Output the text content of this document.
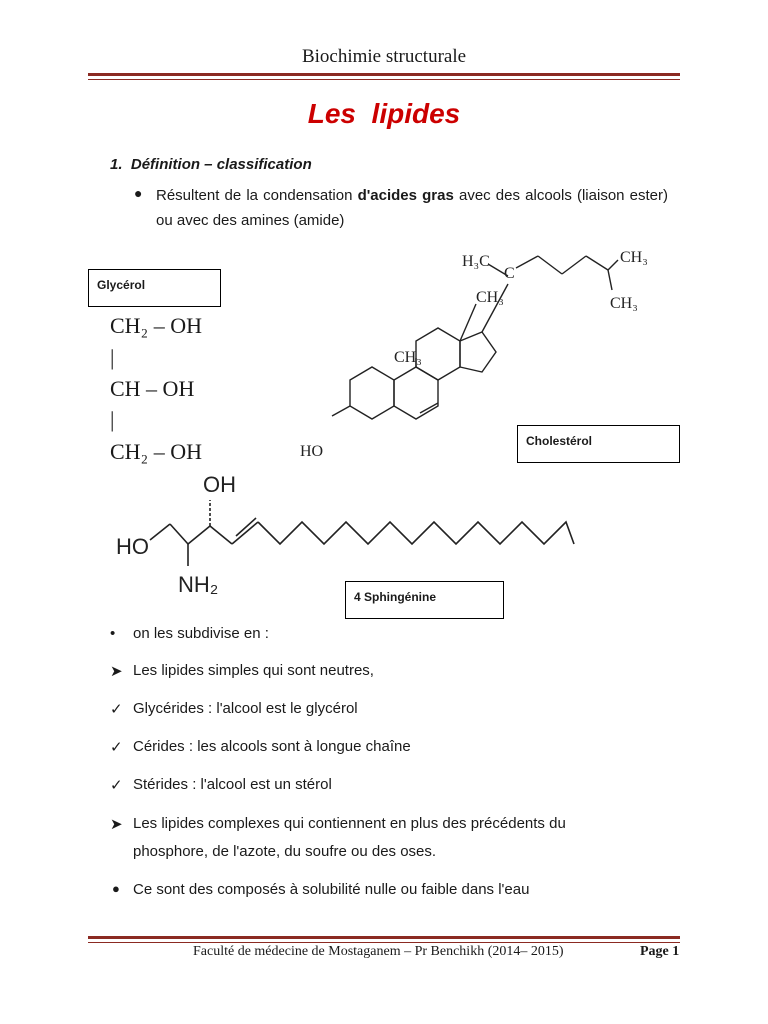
Biochimie structurale
Les  lipides
1. Définition – classification
● Résultent de la condensation d'acides gras avec des alcools (liaison ester) ou avec des amines (amide)
Glycérol
CH₂ – OH
|
CH – OH
|
CH₂ – OH
H₃C
C
CH₃
CH₃
CH₃
CH₃
HO
Cholestérol
OH
HO
NH₂	4 Sphingénine
• on les subdivise en :
➤ Les lipides simples qui sont neutres,
✓ Glycérides : l'alcool est le glycérol
✓ Cérides : les alcools sont à longue chaîne
✓ Stérides : l'alcool est un stérol
➤ Les lipides complexes qui contiennent en plus des précédents du
phosphore, de l'azote, du soufre ou des oses.
● Ce sont des composés à solubilité nulle ou faible dans l'eau
Faculté de médecine de Mostaganem – Pr Benchikh (2014– 2015)	Page 1
